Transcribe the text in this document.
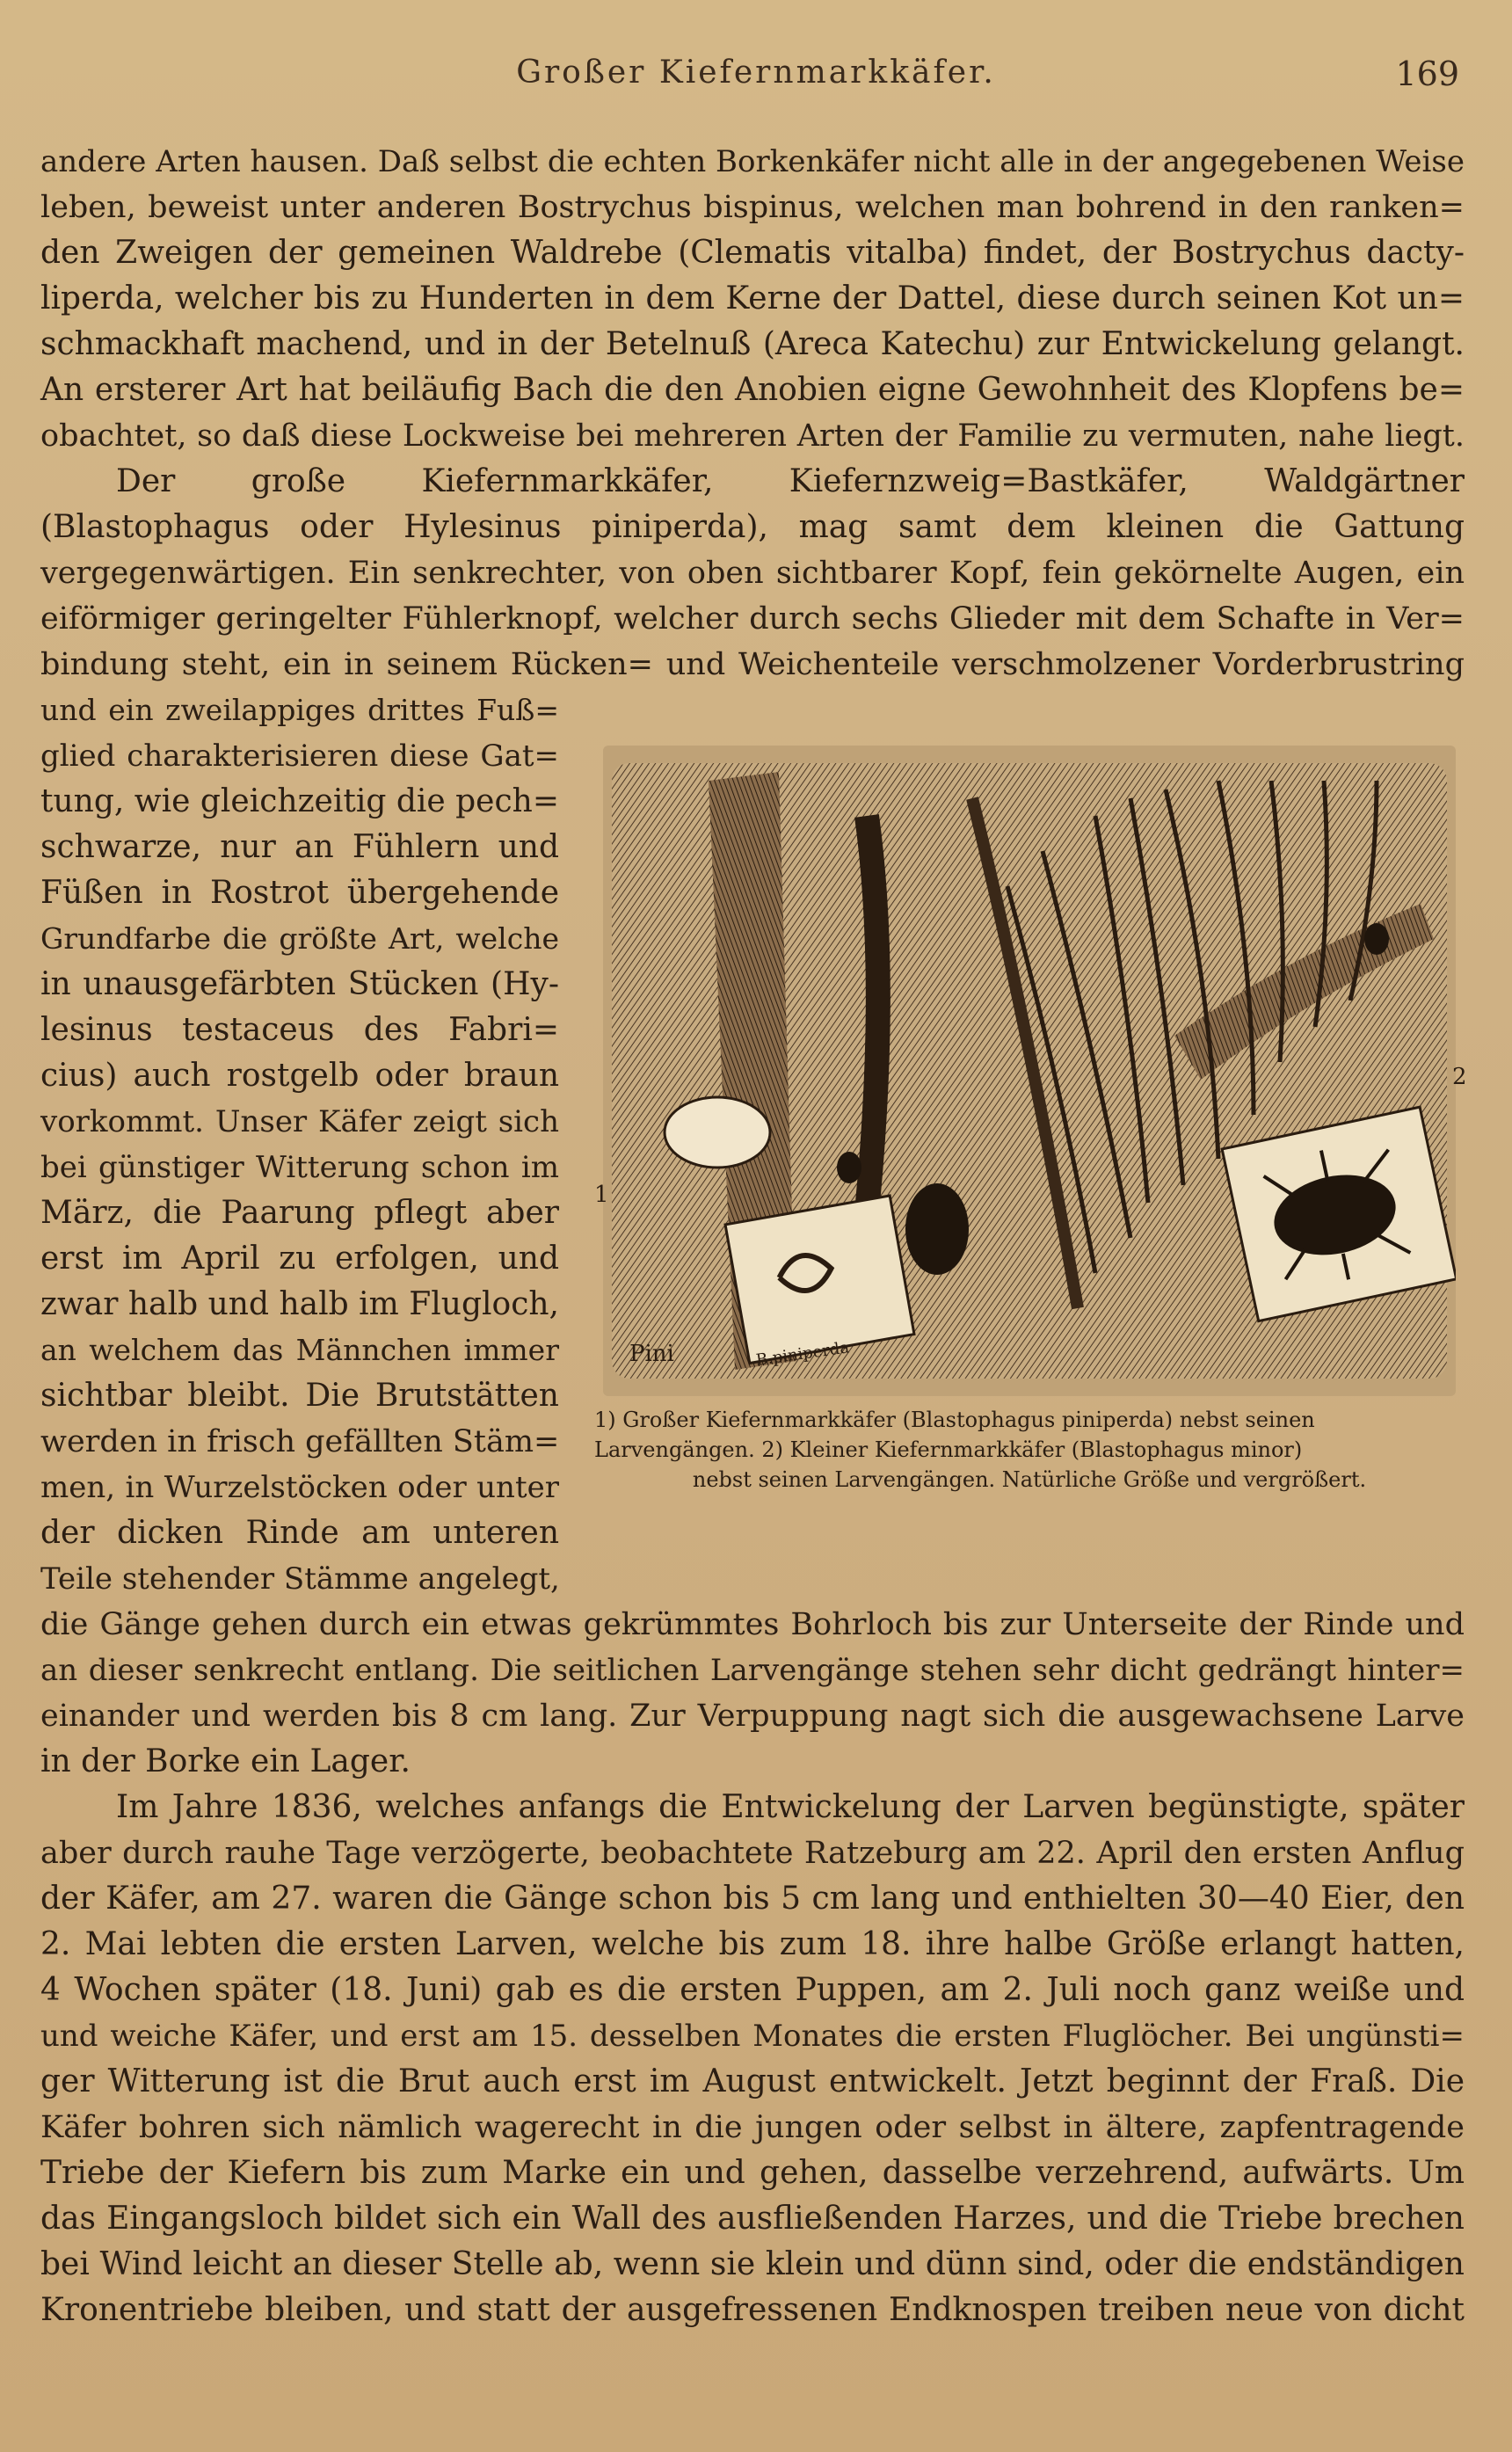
Großer Kiefernmarkkäfer.	169
andere Arten hausen. Daß selbst die echten Borkenkäfer nicht alle in der angegebenen Weise
leben, beweist unter anderen Bostrychus bispinus, welchen man bohrend in den ranken=
den Zweigen der gemeinen Waldrebe (Clematis vitalba) findet, der Bostrychus dacty-
liperda, welcher bis zu Hunderten in dem Kerne der Dattel, diese durch seinen Kot un=
schmackhaft machend, und in der Betelnuß (Areca Katechu) zur Entwickelung gelangt.
An ersterer Art hat beiläufig Bach die den Anobien eigne Gewohnheit des Klopfens be=
obachtet, so daß diese Lockweise bei mehreren Arten der Familie zu vermuten, nahe liegt.
Der große Kiefernmarkkäfer, Kiefernzweig=Bastkäfer, Waldgärtner
(Blastophagus oder Hylesinus piniperda), mag samt dem kleinen die Gattung
vergegenwärtigen. Ein senkrechter, von oben sichtbarer Kopf, fein gekörnelte Augen, ein
eiförmiger geringelter Fühlerknopf, welcher durch sechs Glieder mit dem Schafte in Ver=
bindung steht, ein in seinem Rücken= und Weichenteile verschmolzener Vorderbrustring
und ein zweilappiges drittes Fuß=
glied charakterisieren diese Gat=
tung, wie gleichzeitig die pech=
schwarze, nur an Fühlern und
Füßen in Rostrot übergehende
Grundfarbe die größte Art, welche
in unausgefärbten Stücken (Hy-
lesinus testaceus des Fabri=
cius) auch rostgelb oder braun
vorkommt. Unser Käfer zeigt sich
bei günstiger Witterung schon im
März, die Paarung pflegt aber
erst im April zu erfolgen, und
zwar halb und halb im Flugloch,
an welchem das Männchen immer
sichtbar bleibt. Die Brutstätten
werden in frisch gefällten Stäm=
men, in Wurzelstöcken oder unter
der dicken Rinde am unteren
Teile stehender Stämme angelegt,
Pini	B.piniperda
1
2
1) Großer Kiefernmarkkäfer (Blastophagus piniperda) nebst seinen
Larvengängen. 2) Kleiner Kiefernmarkkäfer (Blastophagus minor)
nebst seinen Larvengängen. Natürliche Größe und vergrößert.
die Gänge gehen durch ein etwas gekrümmtes Bohrloch bis zur Unterseite der Rinde und
an dieser senkrecht entlang. Die seitlichen Larvengänge stehen sehr dicht gedrängt hinter=
einander und werden bis 8 cm lang. Zur Verpuppung nagt sich die ausgewachsene Larve
in der Borke ein Lager.
Im Jahre 1836, welches anfangs die Entwickelung der Larven begünstigte, später
aber durch rauhe Tage verzögerte, beobachtete Ratzeburg am 22. April den ersten Anflug
der Käfer, am 27. waren die Gänge schon bis 5 cm lang und enthielten 30—40 Eier, den
2. Mai lebten die ersten Larven, welche bis zum 18. ihre halbe Größe erlangt hatten,
4 Wochen später (18. Juni) gab es die ersten Puppen, am 2. Juli noch ganz weiße und
und weiche Käfer, und erst am 15. desselben Monates die ersten Fluglöcher. Bei ungünsti=
ger Witterung ist die Brut auch erst im August entwickelt. Jetzt beginnt der Fraß. Die
Käfer bohren sich nämlich wagerecht in die jungen oder selbst in ältere, zapfentragende
Triebe der Kiefern bis zum Marke ein und gehen, dasselbe verzehrend, aufwärts. Um
das Eingangsloch bildet sich ein Wall des ausfließenden Harzes, und die Triebe brechen
bei Wind leicht an dieser Stelle ab, wenn sie klein und dünn sind, oder die endständigen
Kronentriebe bleiben, und statt der ausgefressenen Endknospen treiben neue von dicht
